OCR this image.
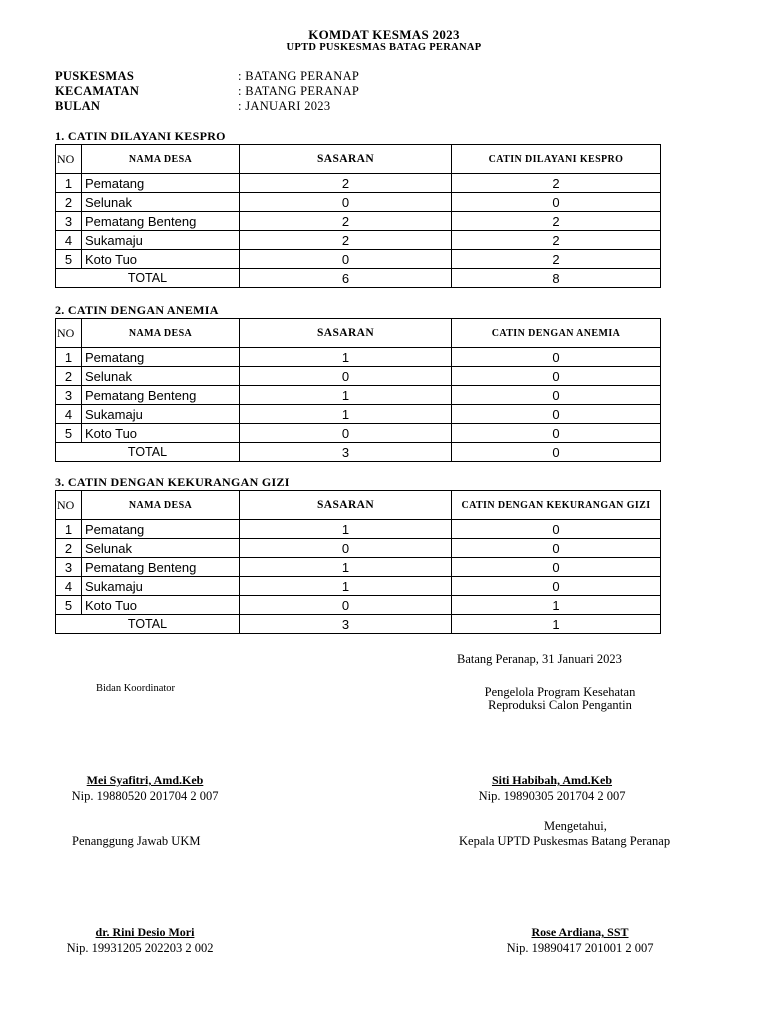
KOMDAT KESMAS 2023
UPTD PUSKESMAS BATAG PERANAP
PUSKESMAS	: BATANG PERANAP
KECAMATAN	: BATANG PERANAP
BULAN	: JANUARI 2023
1. CATIN DILAYANI KESPRO
NO	NAMA DESA	SASARAN	CATIN DILAYANI KESPRO
1	Pematang	2	2
2	Selunak	0	0
3	Pematang Benteng	2	2
4	Sukamaju	2	2
5	Koto Tuo	0	2
TOTAL		6	8
2. CATIN DENGAN ANEMIA
NO	NAMA DESA	SASARAN	CATIN DENGAN ANEMIA
1	Pematang	1	0
2	Selunak	0	0
3	Pematang Benteng	1	0
4	Sukamaju	1	0
5	Koto Tuo	0	0
TOTAL		3	0
3. CATIN DENGAN KEKURANGAN GIZI
NO	NAMA DESA	SASARAN	CATIN DENGAN KEKURANGAN GIZI
1	Pematang	1	0
2	Selunak	0	0
3	Pematang Benteng	1	0
4	Sukamaju	1	0
5	Koto Tuo	0	1
TOTAL		3	1
Batang Peranap, 31 Januari 2023
Bidan Koordinator	Pengelola Program Kesehatan
Reproduksi Calon Pengantin
Mei Syafitri, Amd.Keb
Nip. 19880520 201704 2 007
Siti Habibah, Amd.Keb
Nip. 19890305 201704 2 007
Mengetahui,
Penanggung Jawab UKM	Kepala UPTD Puskesmas Batang Peranap
dr. Rini Desio Mori
Nip. 19931205 202203 2 002
Rose Ardiana, SST
Nip. 19890417 201001 2 007
